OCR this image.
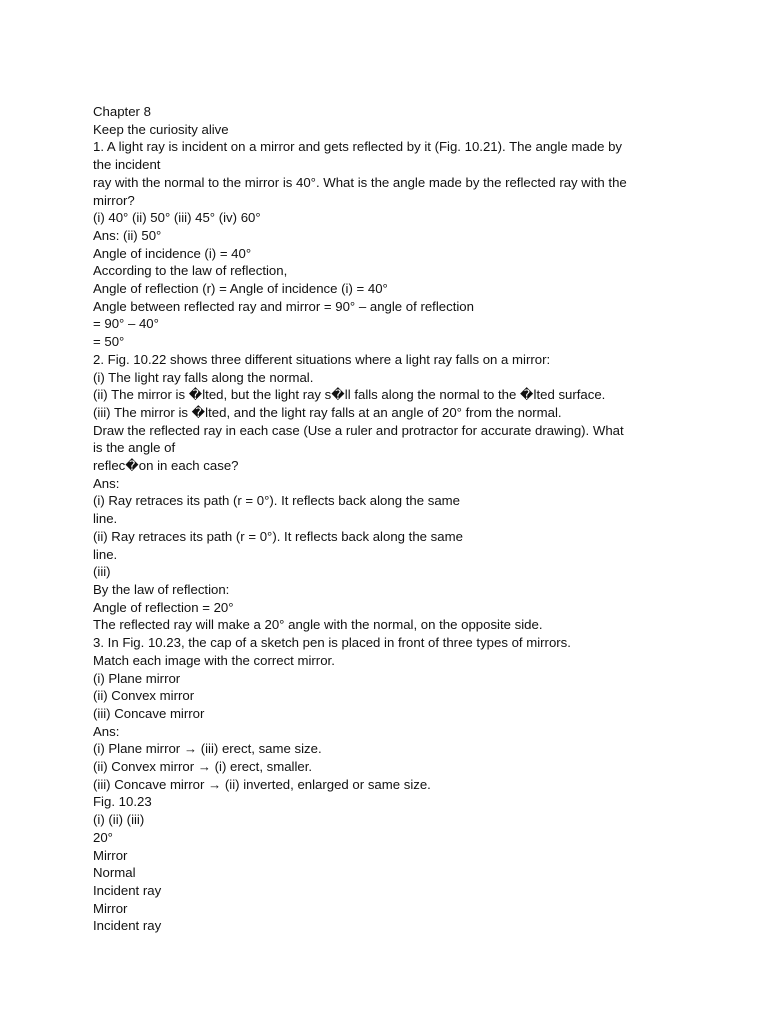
Chapter 8

Keep the curiosity alive

1. A light ray is incident on a mirror and gets reflected by it (Fig. 10.21). The angle made by

the incident

ray with the normal to the mirror is 40°. What is the angle made by the reflected ray with the

mirror?

(i) 40° (ii) 50° (iii) 45° (iv) 60°

Ans: (ii) 50°

Angle of incidence (i) = 40°

According to the law of reflection,

Angle of reflection (r) = Angle of incidence (i) = 40°

Angle between reflected ray and mirror = 90° – angle of reflection

= 90° – 40°

= 50°

2. Fig. 10.22 shows three different situations where a light ray falls on a mirror:

(i) The light ray falls along the normal.

(ii) The mirror is �lted, but the light ray s�ll falls along the normal to the �lted surface.

(iii) The mirror is �lted, and the light ray falls at an angle of 20° from the normal.

Draw the reflected ray in each case (Use a ruler and protractor for accurate drawing). What

is the angle of

reflec�on in each case?

Ans:

(i) Ray retraces its path (r = 0°). It reflects back along the same

line.

(ii) Ray retraces its path (r = 0°). It reflects back along the same

line.

(iii)

By the law of reflection:

Angle of reflection = 20°

The reflected ray will make a 20° angle with the normal, on the opposite side.

3. In Fig. 10.23, the cap of a sketch pen is placed in front of three types of mirrors.

Match each image with the correct mirror.

(i) Plane mirror

(ii) Convex mirror

(iii) Concave mirror

Ans:

(i) Plane mirror → (iii) erect, same size.

(ii) Convex mirror → (i) erect, smaller.

(iii) Concave mirror → (ii) inverted, enlarged or same size.

Fig. 10.23

(i) (ii) (iii)

20°

Mirror

Normal

Incident ray

Mirror

Incident ray
